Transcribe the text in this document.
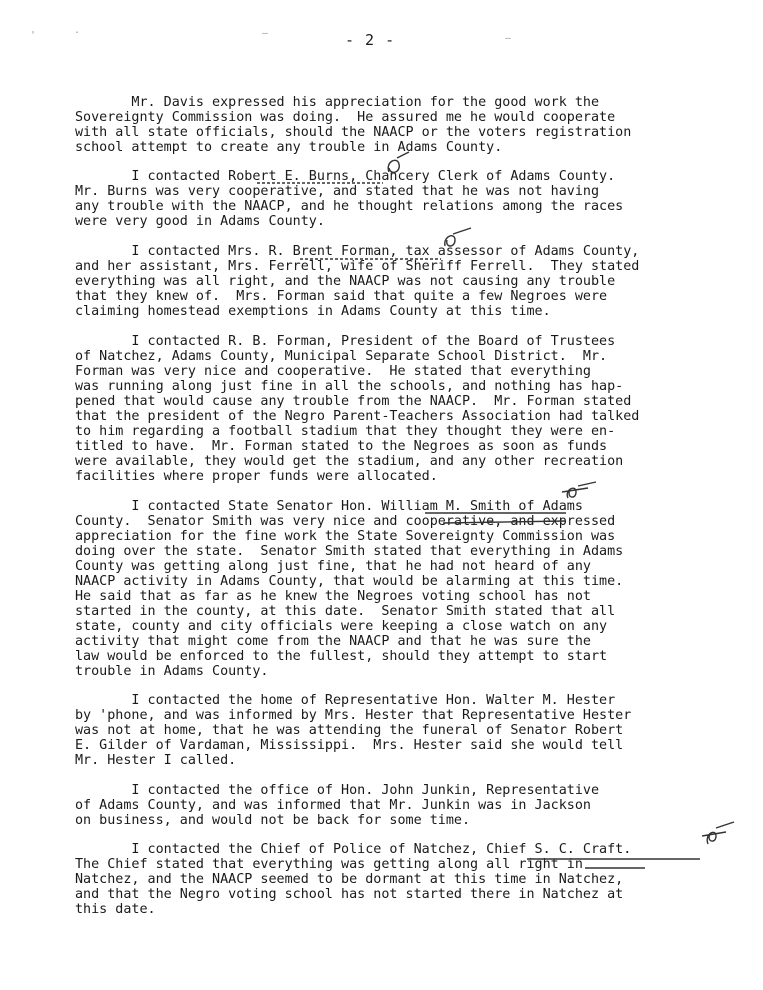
- 2 -

Mr. Davis expressed his appreciation for the good work the
Sovereignty Commission was doing.  He assured me he would cooperate
with all state officials, should the NAACP or the voters registration
school attempt to create any trouble in Adams County.

I contacted Robert E. Burns, Chancery Clerk of Adams County.
Mr. Burns was very cooperative, and stated that he was not having
any trouble with the NAACP, and he thought relations among the races
were very good in Adams County.

I contacted Mrs. R. Brent Forman, tax assessor of Adams County,
and her assistant, Mrs. Ferrell, wife of Sheriff Ferrell.  They stated
everything was all right, and the NAACP was not causing any trouble
that they knew of.  Mrs. Forman said that quite a few Negroes were
claiming homestead exemptions in Adams County at this time.

I contacted R. B. Forman, President of the Board of Trustees
of Natchez, Adams County, Municipal Separate School District.  Mr.
Forman was very nice and cooperative.  He stated that everything
was running along just fine in all the schools, and nothing has hap-
pened that would cause any trouble from the NAACP.  Mr. Forman stated
that the president of the Negro Parent-Teachers Association had talked
to him regarding a football stadium that they thought they were en-
titled to have.  Mr. Forman stated to the Negroes as soon as funds
were available, they would get the stadium, and any other recreation
facilities where proper funds were allocated.

I contacted State Senator Hon. William M. Smith of Adams
County.  Senator Smith was very nice and cooperative, and expressed
appreciation for the fine work the State Sovereignty Commission was
doing over the state.  Senator Smith stated that everything in Adams
County was getting along just fine, that he had not heard of any
NAACP activity in Adams County, that would be alarming at this time.
He said that as far as he knew the Negroes voting school has not
started in the county, at this date.  Senator Smith stated that all
state, county and city officials were keeping a close watch on any
activity that might come from the NAACP and that he was sure the
law would be enforced to the fullest, should they attempt to start
trouble in Adams County.

I contacted the home of Representative Hon. Walter M. Hester
by 'phone, and was informed by Mrs. Hester that Representative Hester
was not at home, that he was attending the funeral of Senator Robert
E. Gilder of Vardaman, Mississippi.  Mrs. Hester said she would tell
Mr. Hester I called.

I contacted the office of Hon. John Junkin, Representative
of Adams County, and was informed that Mr. Junkin was in Jackson
on business, and would not be back for some time.

I contacted the Chief of Police of Natchez, Chief S. C. Craft.
The Chief stated that everything was getting along all right in
Natchez, and the NAACP seemed to be dormant at this time in Natchez,
and that the Negro voting school has not started there in Natchez at
this date.

'	.	—	–
